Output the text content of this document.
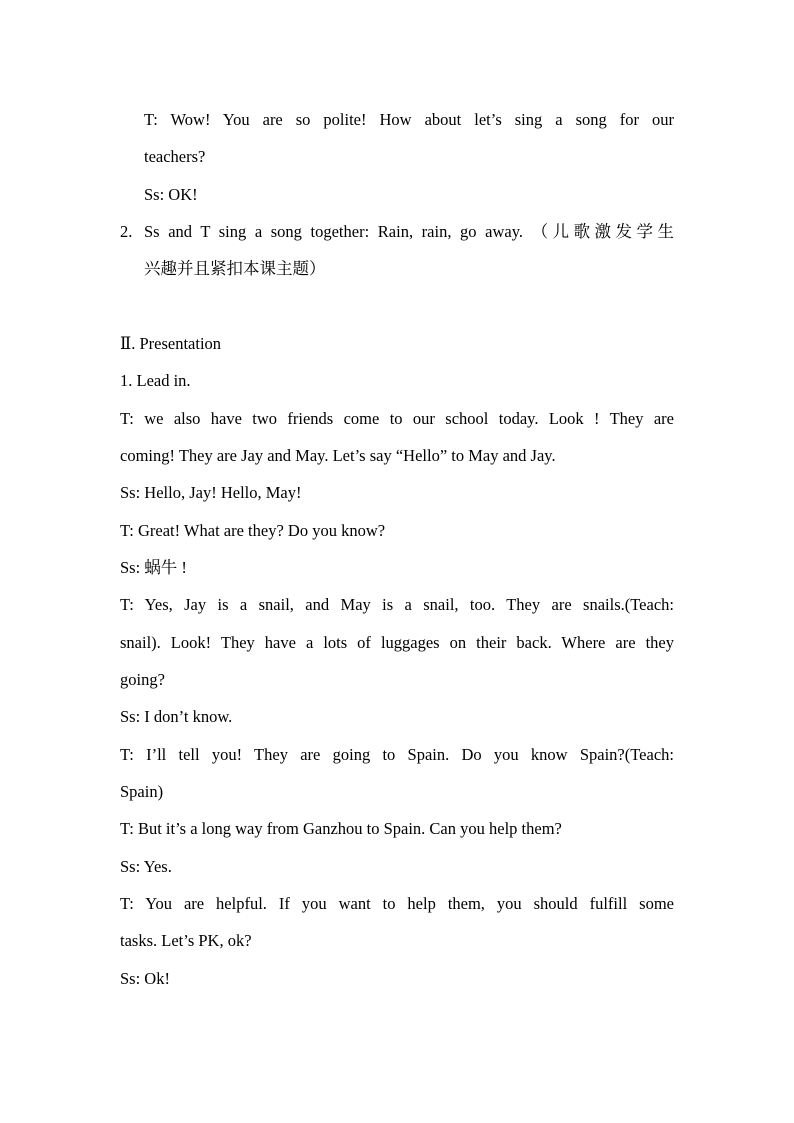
T: Wow! You are so polite! How about let’s sing a song for our
teachers?
Ss: OK!
2. Ss and T sing a song together: Rain, rain, go away. （儿歌激发学生
兴趣并且紧扣本课主题）
Ⅱ. Presentation
1. Lead in.
T: we also have two friends come to our school today. Look ! They are
coming! They are Jay and May. Let’s say “Hello” to May and Jay.
Ss: Hello, Jay! Hello, May!
T: Great! What are they? Do you know?
Ss: 蜗牛 !
T: Yes, Jay is a snail, and May is a snail, too. They are snails.(Teach:
snail). Look! They have a lots of luggages on their back. Where are they
going?
Ss: I don’t know.
T: I’ll tell you! They are going to Spain. Do you know Spain?(Teach:
Spain)
T: But it’s a long way from Ganzhou to Spain. Can you help them?
Ss: Yes.
T: You are helpful. If you want to help them, you should fulfill some
tasks. Let’s PK, ok?
Ss: Ok!
